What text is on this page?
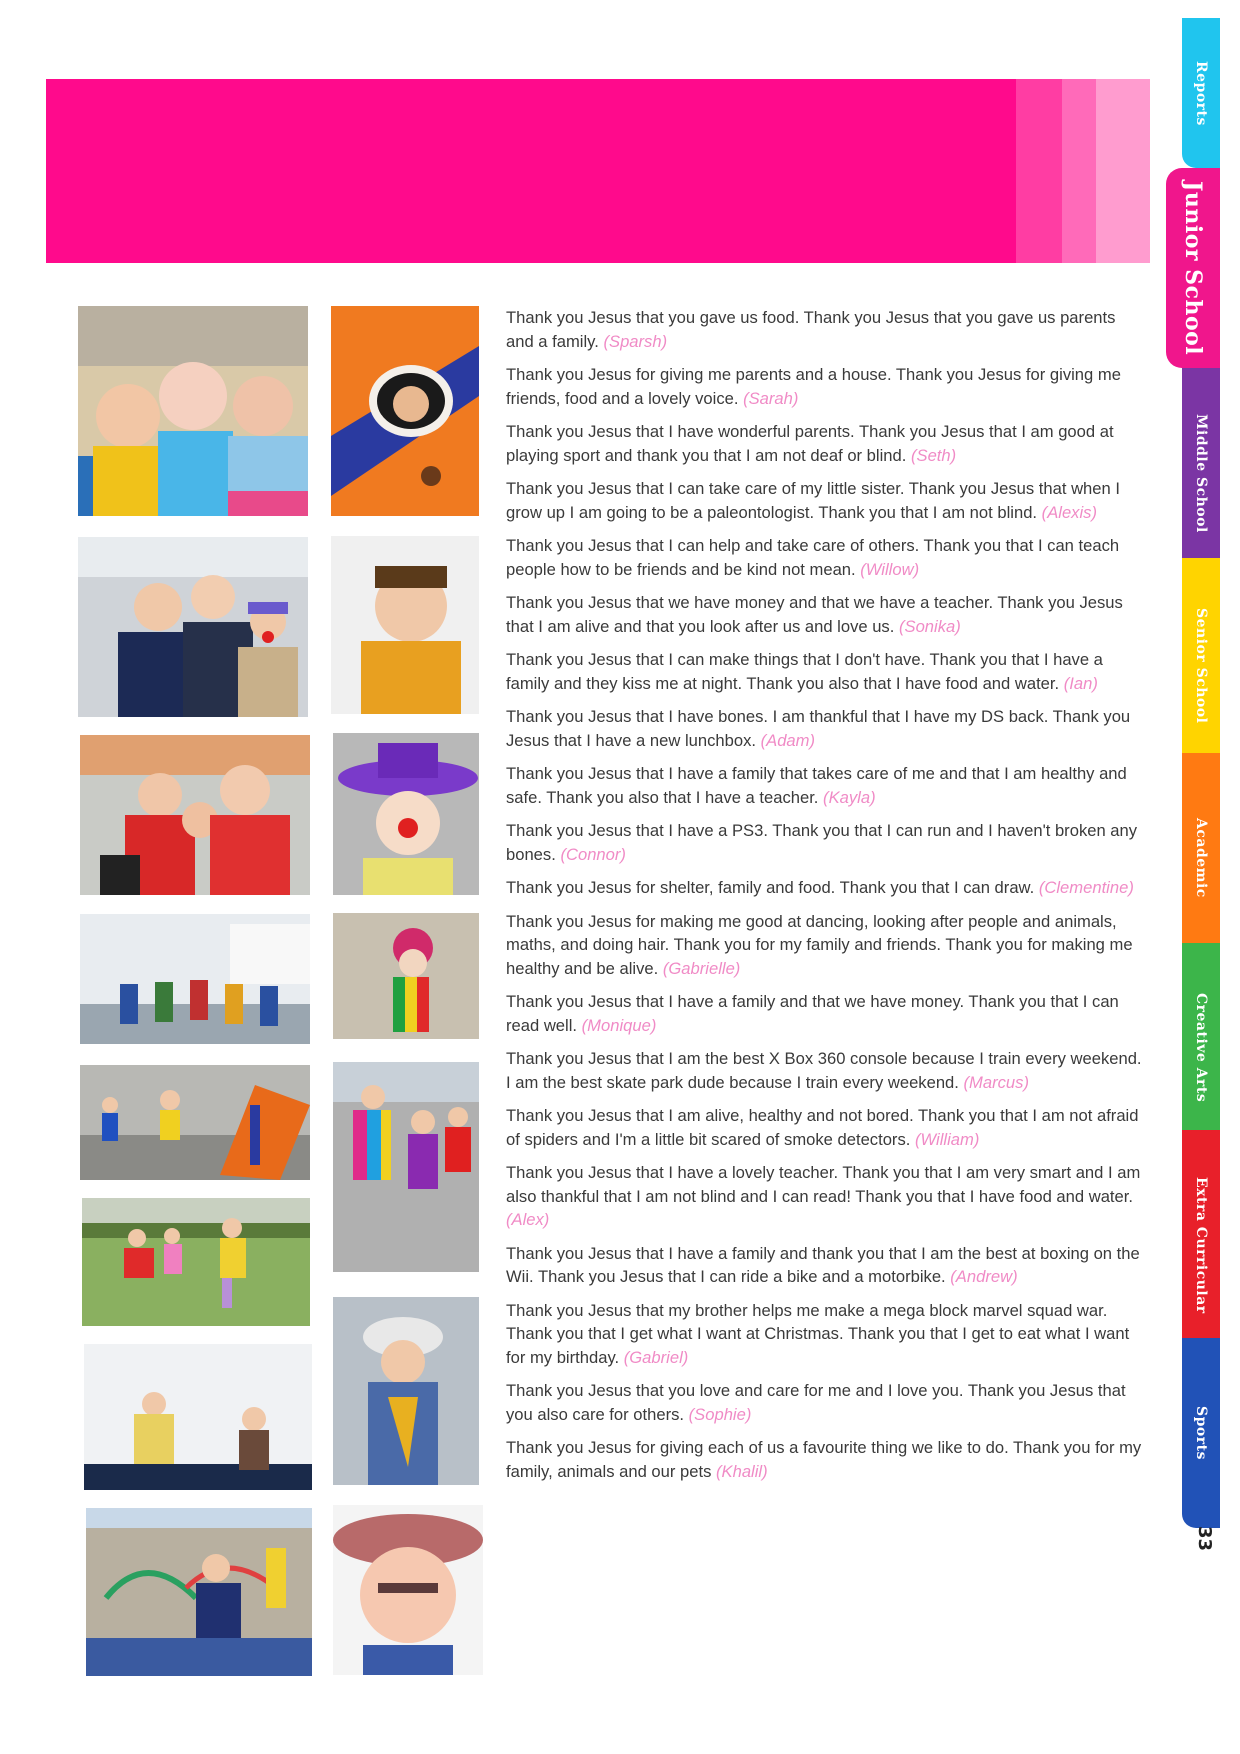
Reports
Junior School
Middle School
Senior School
Academic
Creative Arts
Extra Curricular
Sports
33

Thank you Jesus that you gave us food. Thank you Jesus that you gave us parents and a family. (Sparsh)

Thank you Jesus for giving me parents and a house. Thank you Jesus for giving me friends, food and a lovely voice. (Sarah)

Thank you Jesus that I have wonderful parents. Thank you Jesus that I am good at playing sport and thank you that I am not deaf or blind. (Seth)

Thank you Jesus that I can take care of my little sister. Thank you Jesus that when I grow up I am going to be a paleontologist. Thank you that I am not blind. (Alexis)

Thank you Jesus that I can help and take care of others. Thank you that I can teach people how to be friends and be kind not mean. (Willow)

Thank you Jesus that we have money and that we have a teacher. Thank you Jesus that I am alive and that you look after us and love us. (Sonika)

Thank you Jesus that I can make things that I don't have. Thank you that I have a family and they kiss me at night. Thank you also that I have food and water. (Ian)

Thank you Jesus that I have bones. I am thankful that I have my DS back. Thank you Jesus that I have a new lunchbox. (Adam)

Thank you Jesus that I have a family that takes care of me and that I am healthy and safe. Thank you also that I have a teacher. (Kayla)

Thank you Jesus that I have a PS3. Thank you that I can run and I haven't broken any bones. (Connor)

Thank you Jesus for shelter, family and food. Thank you that I can draw. (Clementine)

Thank you Jesus for making me good at dancing, looking after people and animals, maths, and doing hair. Thank you for my family and friends. Thank you for making me healthy and be alive. (Gabrielle)

Thank you Jesus that I have a family and that we have money. Thank you that I can read well. (Monique)

Thank you Jesus that I am the best X Box 360 console because I train every weekend. I am the best skate park dude because I train every weekend. (Marcus)

Thank you Jesus that I am alive, healthy and not bored. Thank you that I am not afraid of spiders and I'm a little bit scared of smoke detectors. (William)

Thank you Jesus that I have a lovely teacher. Thank you that I am very smart and I am also thankful that I am not blind and I can read! Thank you that I have food and water. (Alex)

Thank you Jesus that I have a family and thank you that I am the best at boxing on the Wii. Thank you Jesus that I can ride a bike and a motorbike. (Andrew)

Thank you Jesus that my brother helps me make a mega block marvel squad war. Thank you that I get what I want at Christmas. Thank you that I get to eat what I want for my birthday. (Gabriel)

Thank you Jesus that you love and care for me and I love you. Thank you Jesus that you also care for others. (Sophie)

Thank you Jesus for giving each of us a favourite thing we like to do. Thank you for my family, animals and our pets (Khalil)
